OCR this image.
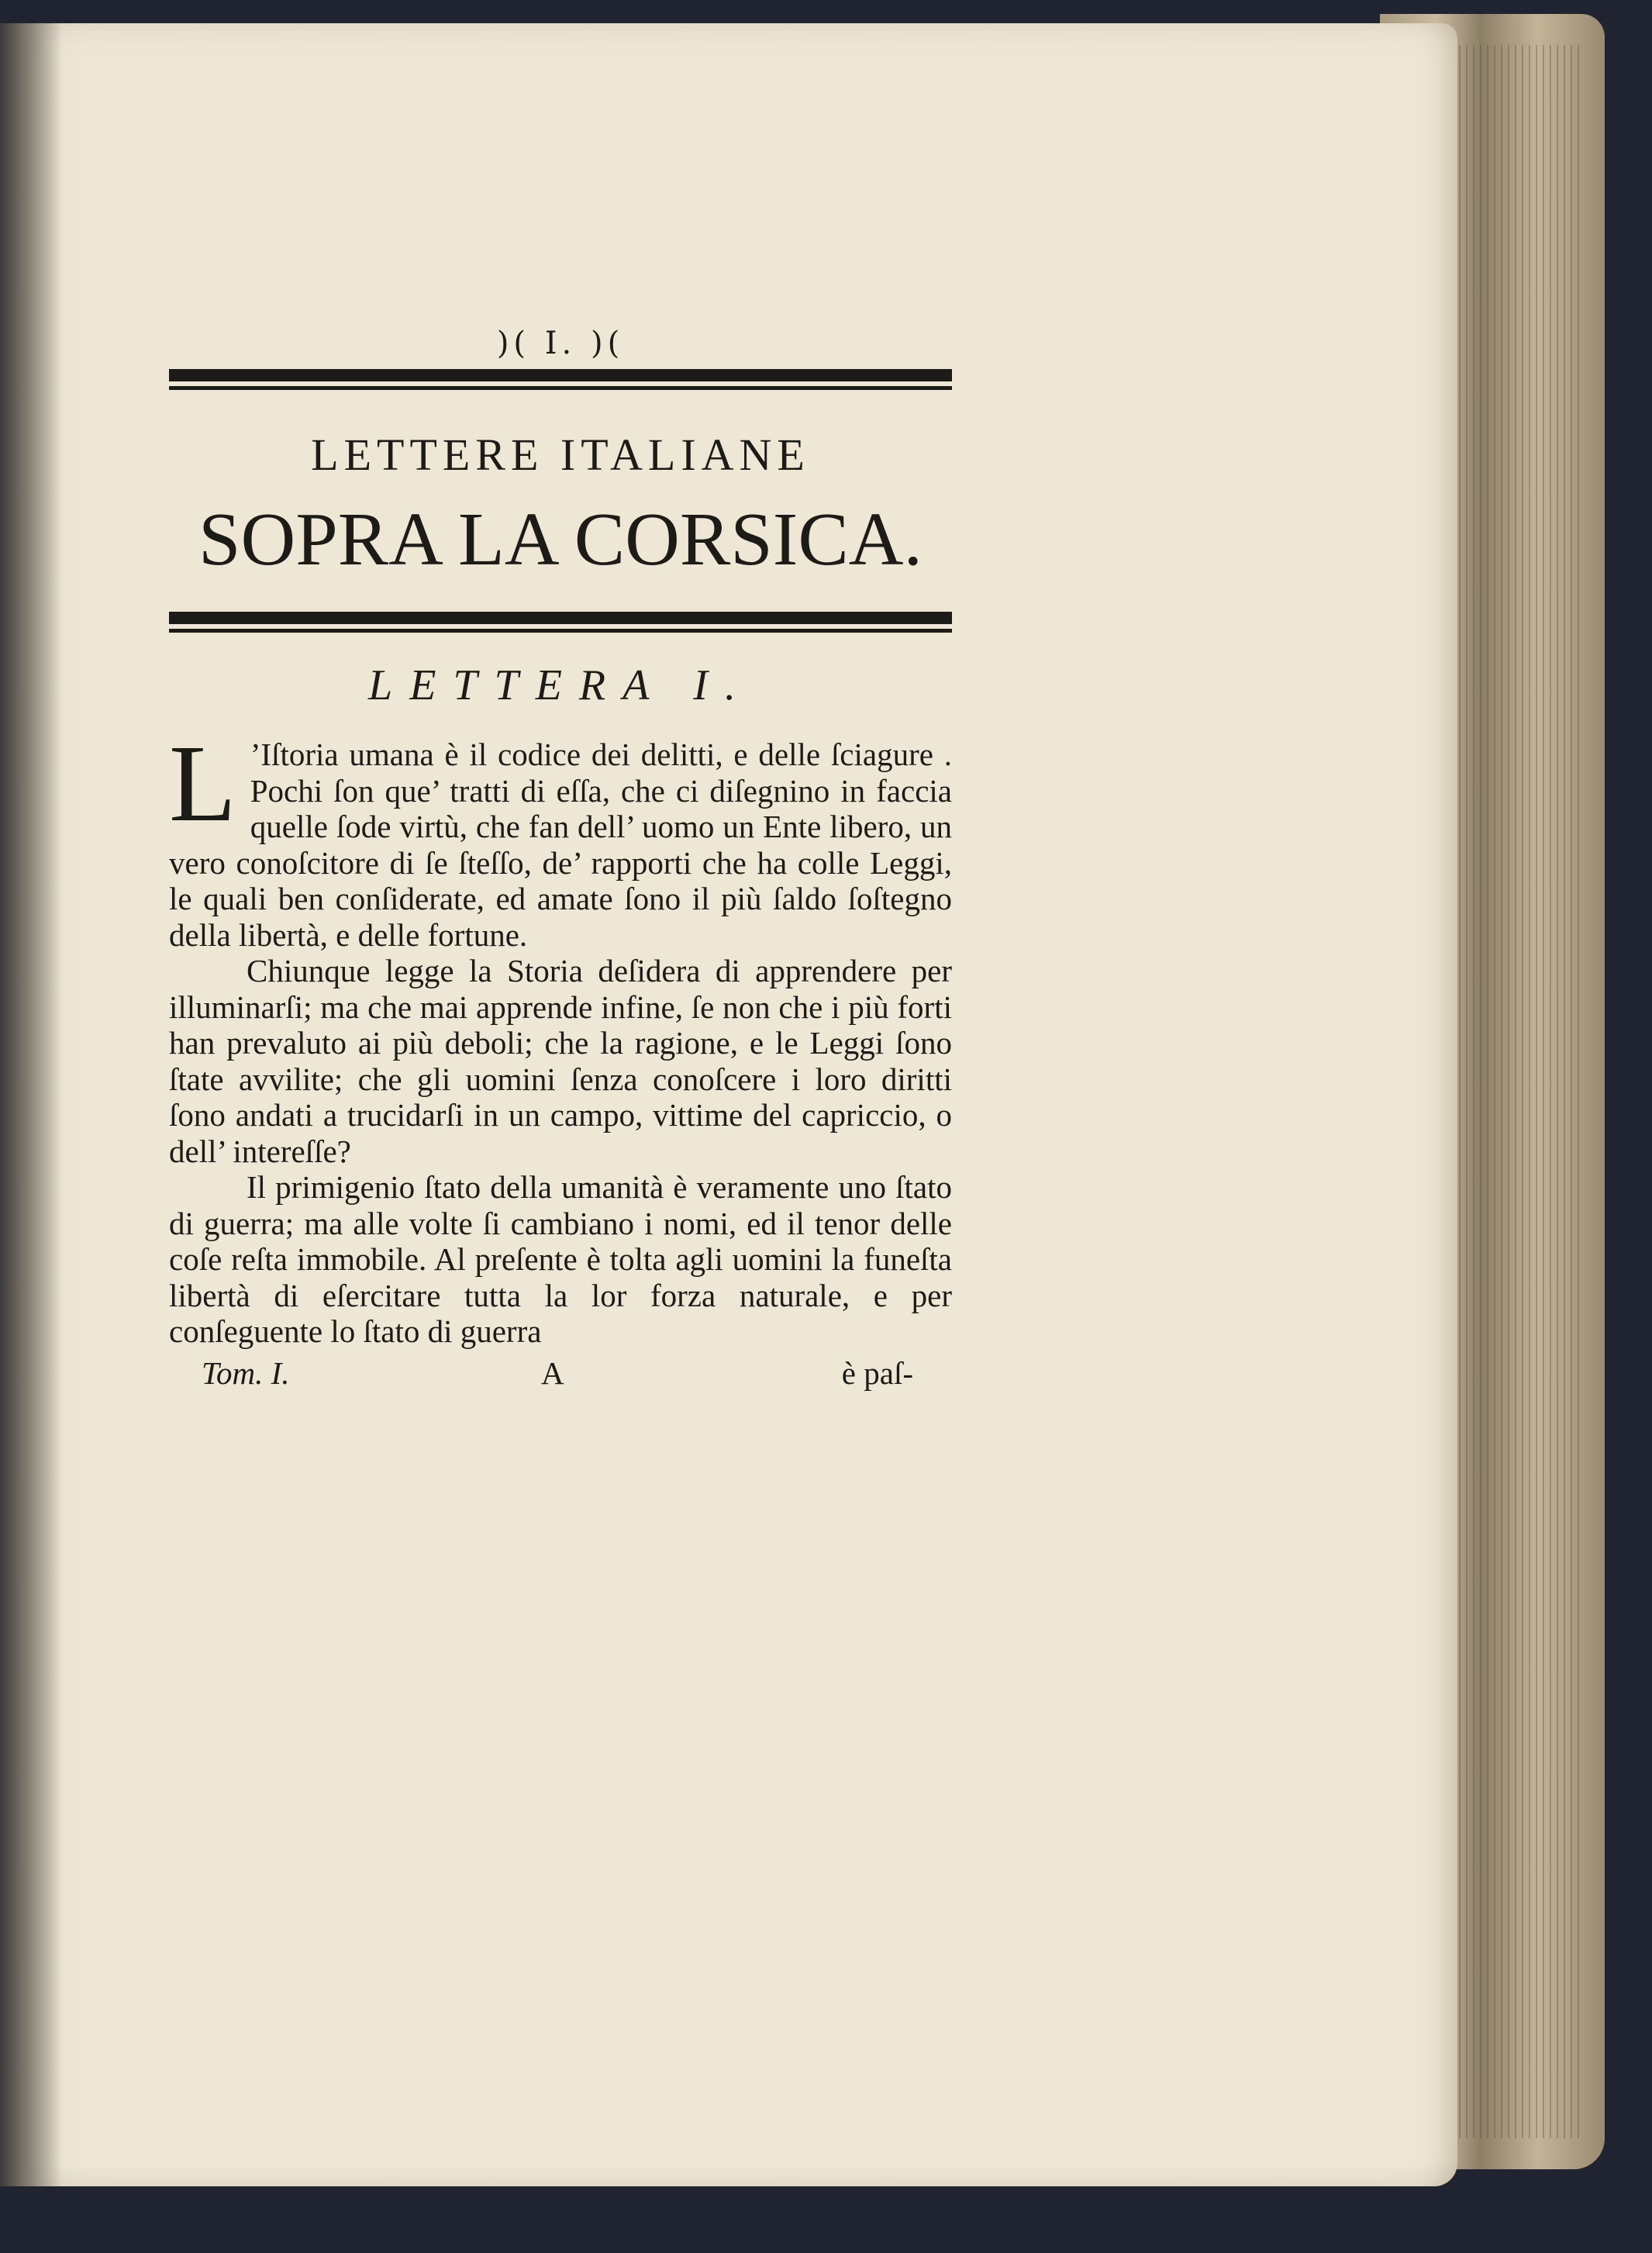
)( I. )(
LETTERE ITALIANE
SOPRA LA CORSICA.
LETTERA I.

L ’Iſtoria umana è il codice dei delitti, e delle ſciagure . Pochi ſon que’ tratti di eſſa, che ci diſegnino in faccia quelle ſode virtù, che fan dell’ uomo un Ente libero, un vero conoſcitore di ſe ſteſſo, de’ rapporti che ha colle Leggi, le quali ben conſiderate, ed amate ſono il più ſaldo ſoſtegno della libertà, e delle fortune.

Chiunque legge la Storia deſidera di apprendere per illuminarſi; ma che mai apprende infine, ſe non che i più forti han prevaluto ai più deboli; che la ragione, e le Leggi ſono ſtate avvilite; che gli uomini ſenza conoſcere i loro diritti ſono andati a trucidarſi in un campo, vittime del capriccio, o dell’ intereſſe?

Il primigenio ſtato della umanità è veramente uno ſtato di guerra; ma alle volte ſi cambiano i nomi, ed il tenor delle coſe reſta immobile. Al preſente è tolta agli uomini la funeſta libertà di eſercitare tutta la lor forza naturale, e per conſeguente lo ſtato di guerra

Tom. I.	A	è paſ-
